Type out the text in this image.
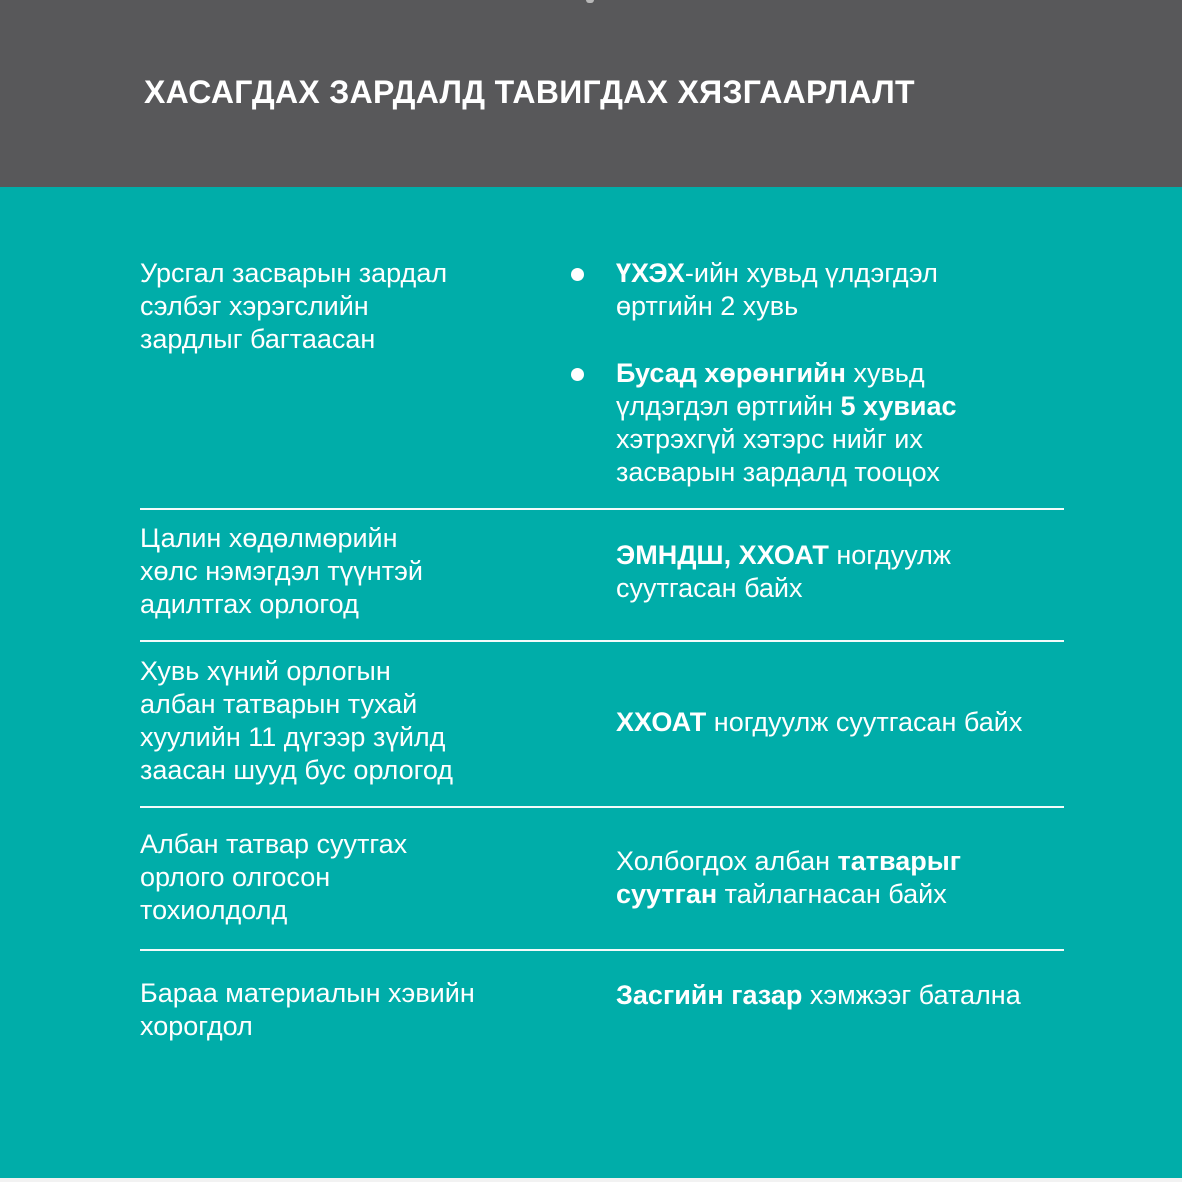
ХАСАГДАХ ЗАРДАЛД ТАВИГДАХ ХЯЗГААРЛАЛТ

Урсгал засварын зардал
сэлбэг хэрэгслийн
зардлыг багтаасан

ҮХЭХ-ийн хувьд үлдэгдэл
өртгийн 2 хувь

Бусад хөрөнгийн хувьд
үлдэгдэл өртгийн 5 хувиас
хэтрэхгүй хэтэрс нийг их
засварын зардалд тооцох

Цалин хөдөлмөрийн
хөлс нэмэгдэл түүнтэй
адилтгах орлогод

ЭМНДШ, ХХОАТ ногдуулж
суутгасан байх

Хувь хүний орлогын
албан татварын тухай
хуулийн 11 дүгээр зүйлд
заасан шууд бус орлогод

ХХОАТ ногдуулж суутгасан байх

Албан татвар суутгах
орлого олгосон
тохиолдолд

Холбогдох албан татварыг
суутган тайлагнасан байх

Бараа материалын хэвийн
хорогдол

Засгийн газар хэмжээг батална
